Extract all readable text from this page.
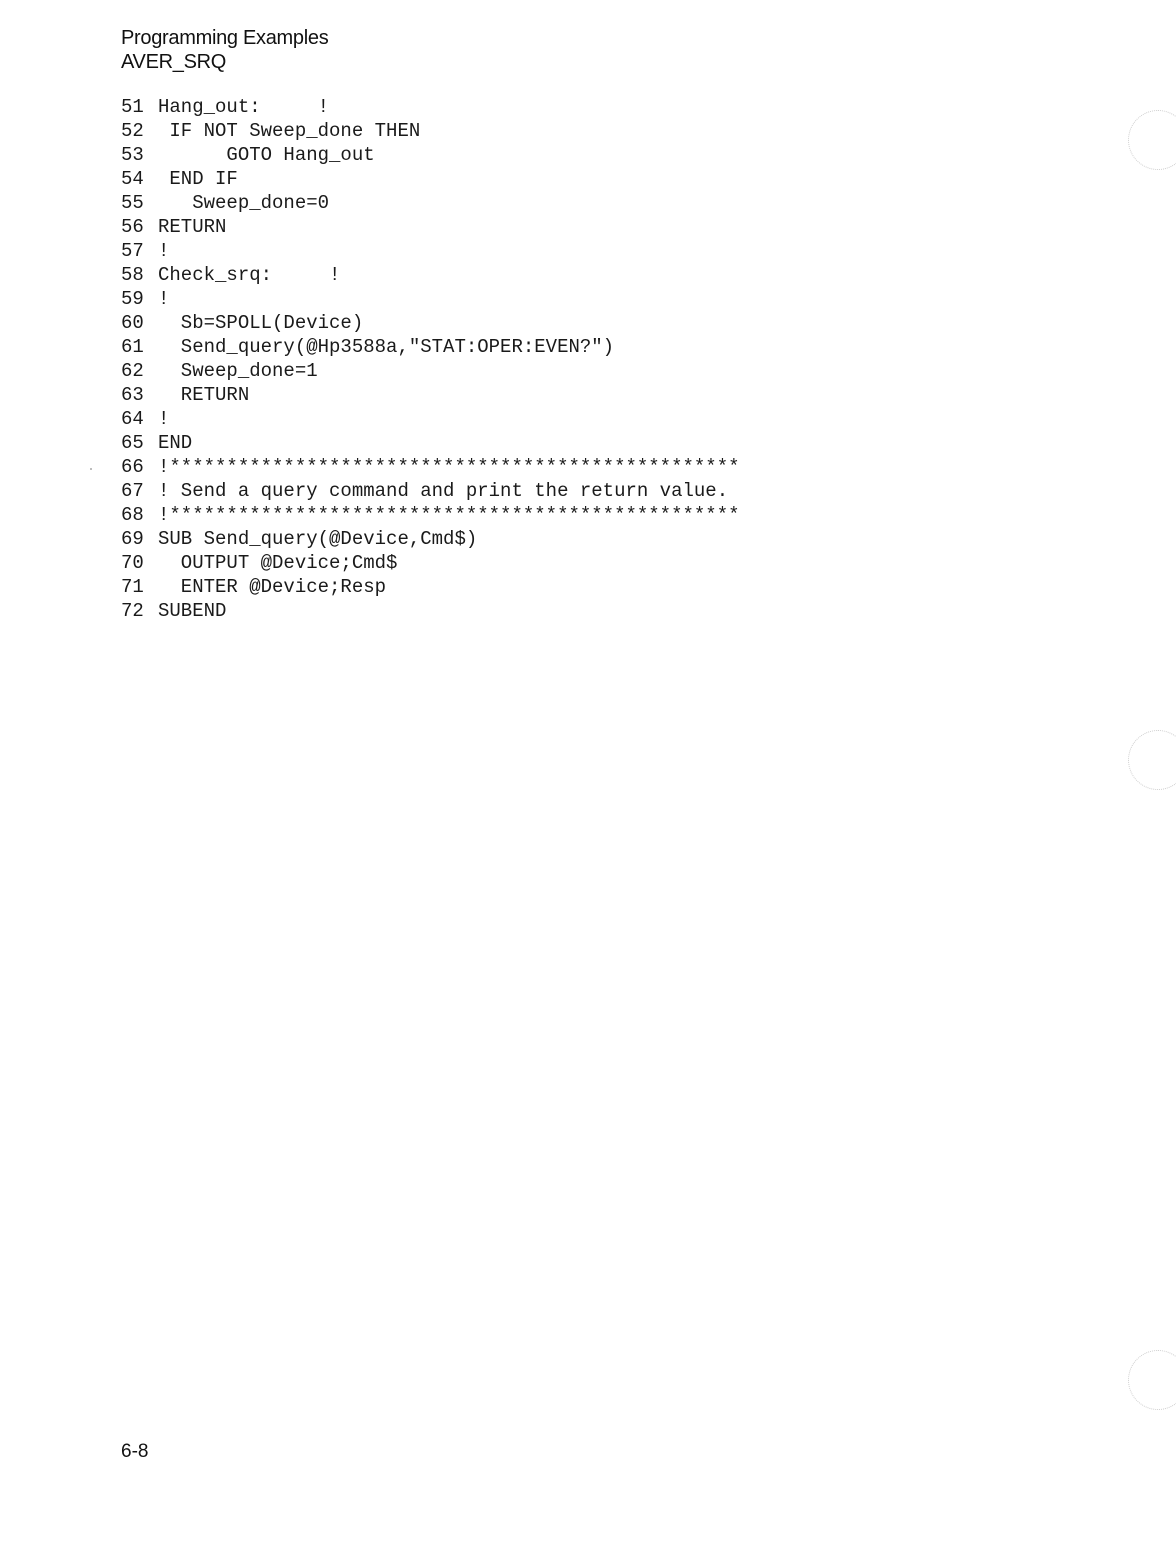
Programming Examples
AVER_SRQ
51 Hang_out:     !
52 IF NOT Sweep_done THEN
53      GOTO Hang_out
54 END IF
55   Sweep_done=0
56 RETURN
57 !
58 Check_srq:     !
59 !
60  Sb=SPOLL(Device)
61  Send_query(@Hp3588a,"STAT:OPER:EVEN?")
62  Sweep_done=1
63  RETURN
64 !
65 END
66 !**************************************************
67 ! Send a query command and print the return value.
68 !**************************************************
69 SUB Send_query(@Device,Cmd$)
70  OUTPUT @Device;Cmd$
71  ENTER @Device;Resp
72 SUBEND
6-8
